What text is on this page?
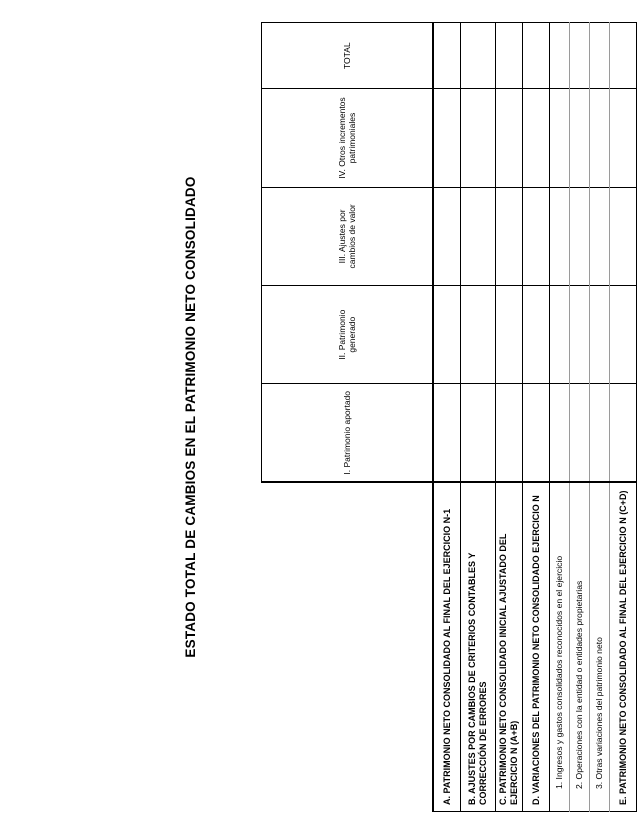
ESTADO TOTAL DE CAMBIOS EN EL PATRIMONIO NETO CONSOLIDADO
		I. Patrimonio aportado	II. Patrimonio generado	III. Ajustes por cambios de valor	IV. Otros incrementos patrimoniales	TOTAL
A. PATRIMONIO NETO CONSOLIDADO AL FINAL DEL EJERCICIO N-1					
B. AJUSTES POR CAMBIOS DE CRITERIOS CONTABLES Y CORRECCIÓN DE ERRORES					
C. PATRIMONIO NETO CONSOLIDADO INICIAL AJUSTADO DEL EJERCICIO N (A+B)					
D. VARIACIONES DEL PATRIMONIO NETO CONSOLIDADO EJERCICIO N					
1. Ingresos y gastos consolidados reconocidos en el ejercicio					
2. Operaciones con la entidad o entidades propietarias					
3. Otras variaciones del patrimonio neto					
E. PATRIMONIO NETO CONSOLIDADO AL FINAL DEL EJERCICIO N (C+D)					
